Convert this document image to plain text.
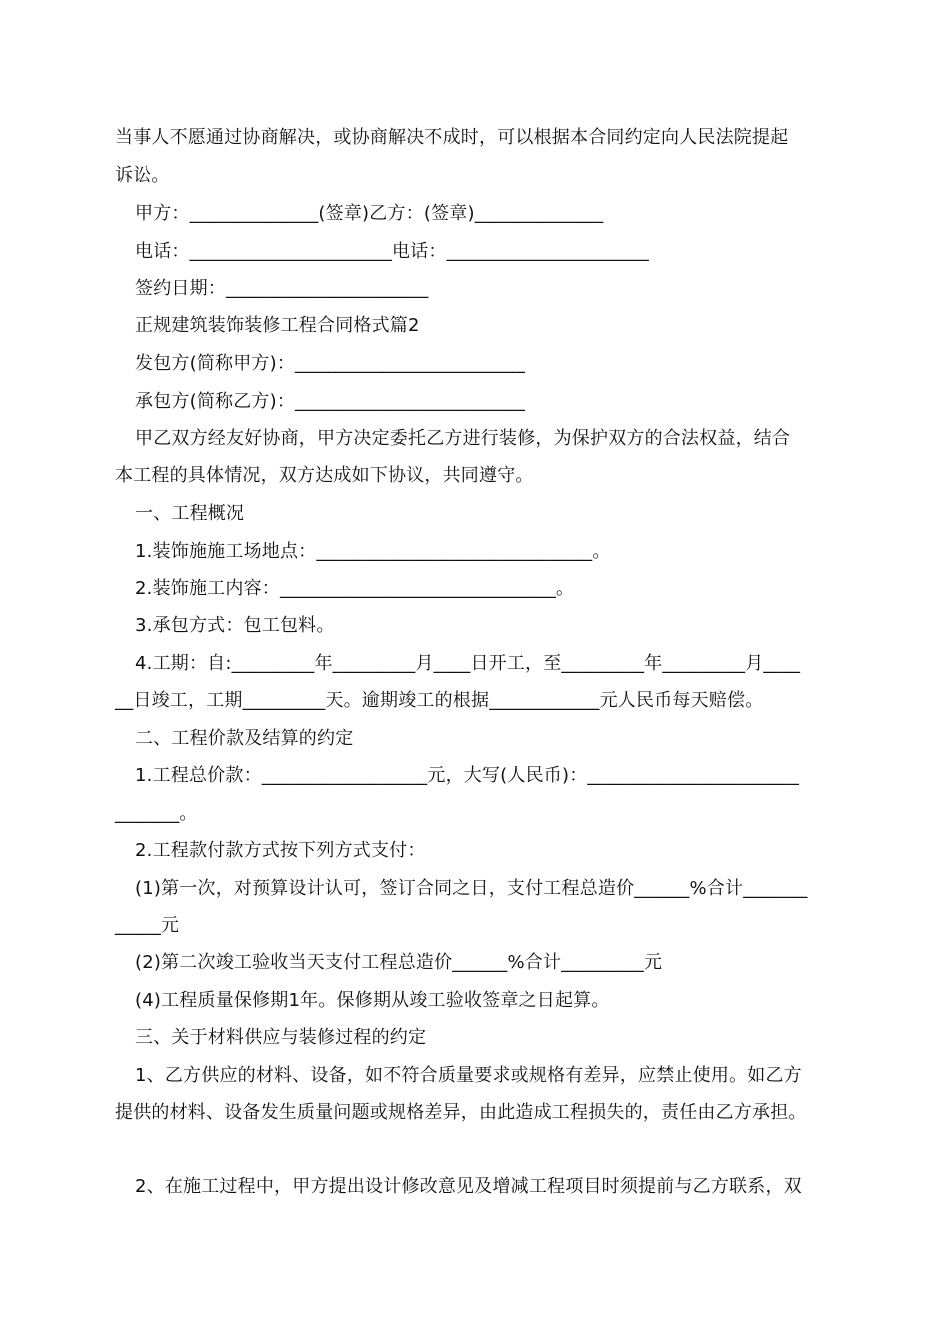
当事人不愿通过协商解决，或协商解决不成时，可以根据本合同约定向人民法院提起
诉讼。
甲方：______________(签章)乙方：(签章)______________
电话：______________________电话：______________________
签约日期：______________________
正规建筑装饰装修工程合同格式篇2
发包方(简称甲方)：_________________________
承包方(简称乙方)：_________________________
甲乙双方经友好协商，甲方决定委托乙方进行装修，为保护双方的合法权益，结合
本工程的具体情况，双方达成如下协议，共同遵守。
一、工程概况
1.装饰施施工场地点：______________________________。
2.装饰施工内容：______________________________。
3.承包方式：包工包料。
4.工期：自:_________年_________月____日开工，至_________年_________月____
__日竣工，工期_________天。逾期竣工的根据____________元人民币每天赔偿。
二、工程价款及结算的约定
1.工程总价款：__________________元，大写(人民币)：_______________________
_______。
2.工程款付款方式按下列方式支付：
(1)第一次，对预算设计认可，签订合同之日，支付工程总造价______%合计_______
_____元
(2)第二次竣工验收当天支付工程总造价______%合计_________元
(4)工程质量保修期1年。保修期从竣工验收签章之日起算。
三、关于材料供应与装修过程的约定
1、乙方供应的材料、设备，如不符合质量要求或规格有差异，应禁止使用。如乙方
提供的材料、设备发生质量问题或规格差异，由此造成工程损失的，责任由乙方承担。
2、在施工过程中，甲方提出设计修改意见及增减工程项目时须提前与乙方联系，双
